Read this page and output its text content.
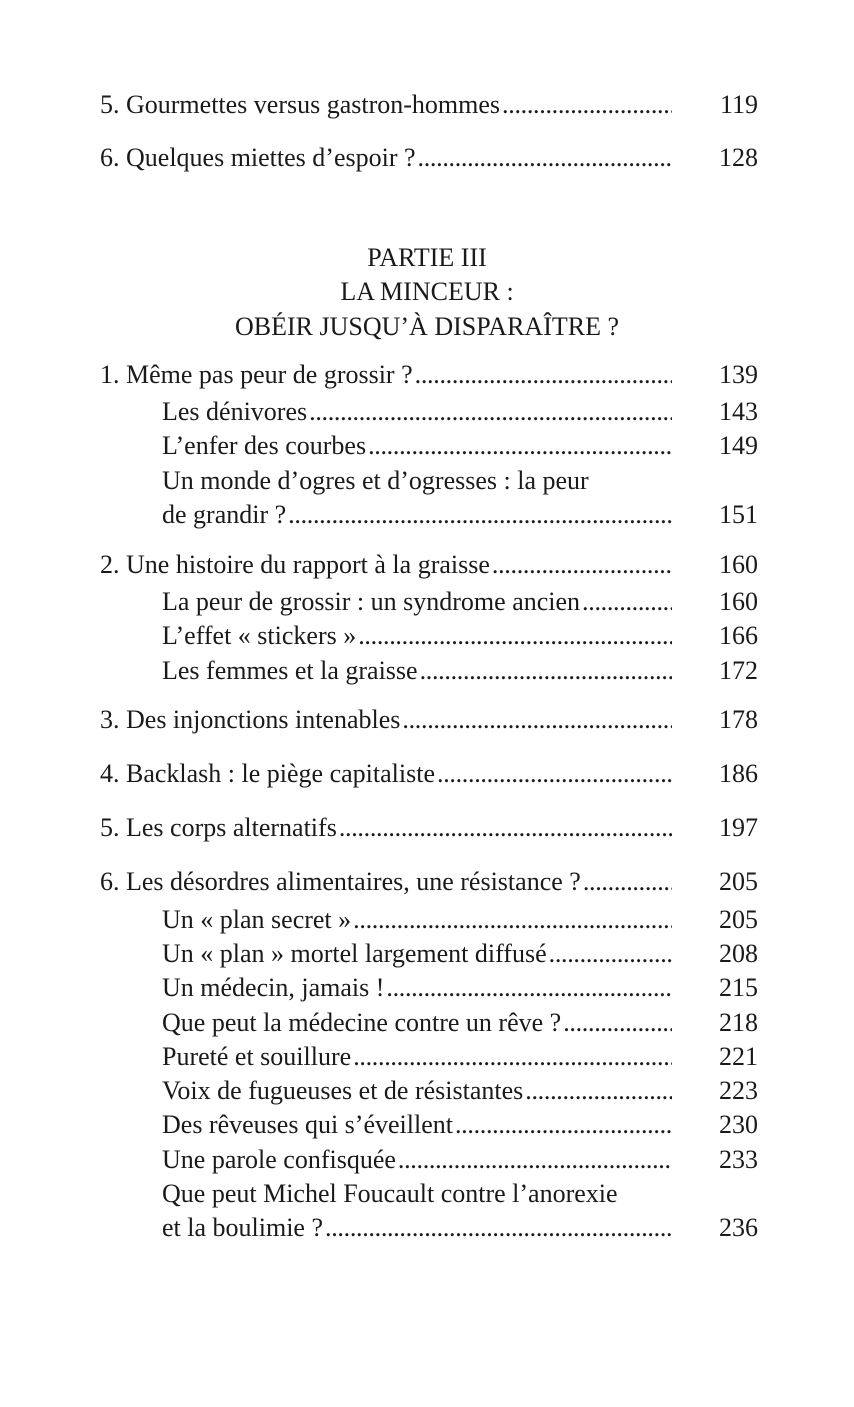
PARTIE III
LA MINCEUR :
OBÉIR JUSQU’À DISPARAÎTRE ?
119
5. Gourmettes versus gastron-hommes
. . .
128
6. Quelques miettes d’espoir ?
. . .
139
1. Même pas peur de grossir ?
. . .
143
Les dénivores
. . .
149
L’enfer des courbes
. . .
Un monde d’ogres et d’ogresses : la peur
151
de grandir ?
. . .
160
2. Une histoire du rapport à la graisse
. . .
160
La peur de grossir : un syndrome ancien
. . .
166
L’effet « stickers »
. . .
172
Les femmes et la graisse
. . .
178
3. Des injonctions intenables
. . .
186
4. Backlash : le piège capitaliste
. . .
197
5. Les corps alternatifs
. . .
205
6. Les désordres alimentaires, une résistance ?
. . .
205
Un « plan secret »
. . .
208
Un « plan » mortel largement diffusé
. . .
215
Un médecin, jamais !
. . .
218
Que peut la médecine contre un rêve ?
. . .
221
Pureté et souillure
. . .
223
Voix de fugueuses et de résistantes
. . .
230
Des rêveuses qui s’éveillent
. . .
233
Une parole confisquée
. . .
Que peut Michel Foucault contre l’anorexie
236
et la boulimie ?
. . .
